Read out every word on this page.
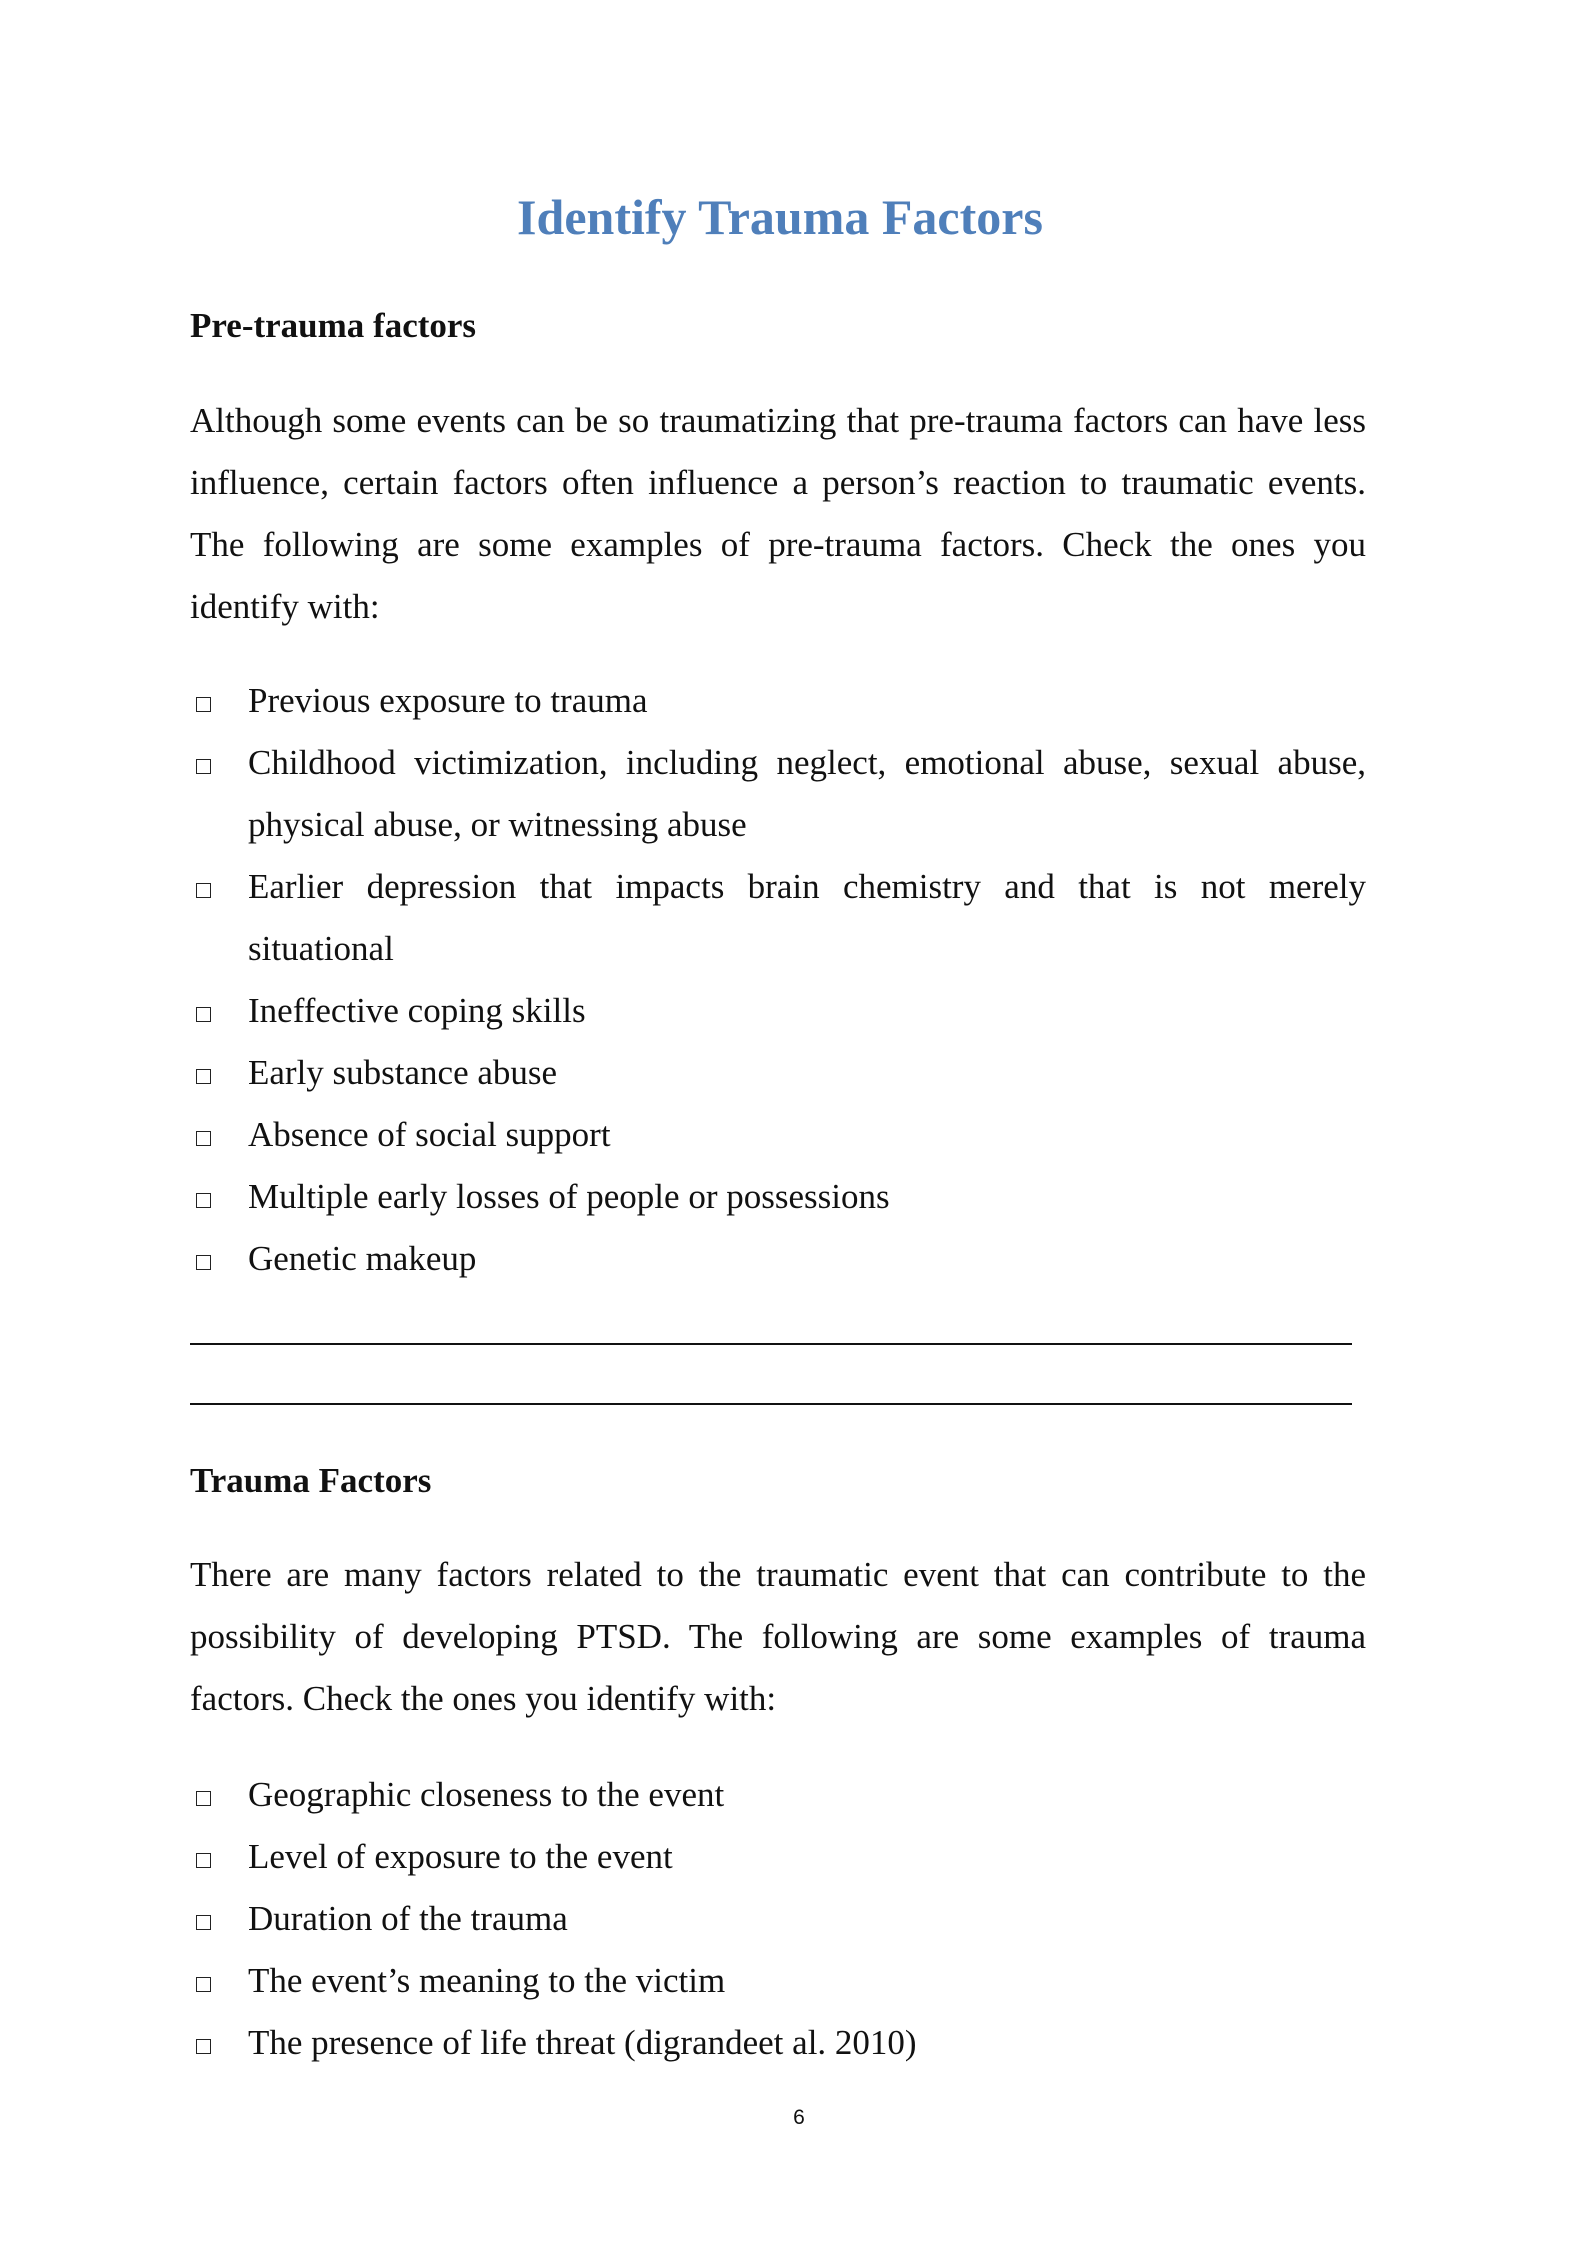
Identify Trauma Factors
Pre-trauma factors
Although some events can be so traumatizing that pre-trauma factors can have less influence, certain factors often influence a person’s reaction to traumatic events. The following are some examples of pre-trauma factors. Check the ones you identify with:
Previous exposure to trauma
Childhood victimization, including neglect, emotional abuse, sexual abuse, physical abuse, or witnessing abuse
Earlier depression that impacts brain chemistry and that is not merely situational
Ineffective coping skills
Early substance abuse
Absence of social support
Multiple early losses of people or possessions
Genetic makeup
Trauma Factors
There are many factors related to the traumatic event that can contribute to the possibility of developing PTSD. The following are some examples of trauma factors. Check the ones you identify with:
Geographic closeness to the event
Level of exposure to the event
Duration of the trauma
The event’s meaning to the victim
The presence of life threat (digrandeet al. 2010)
6
